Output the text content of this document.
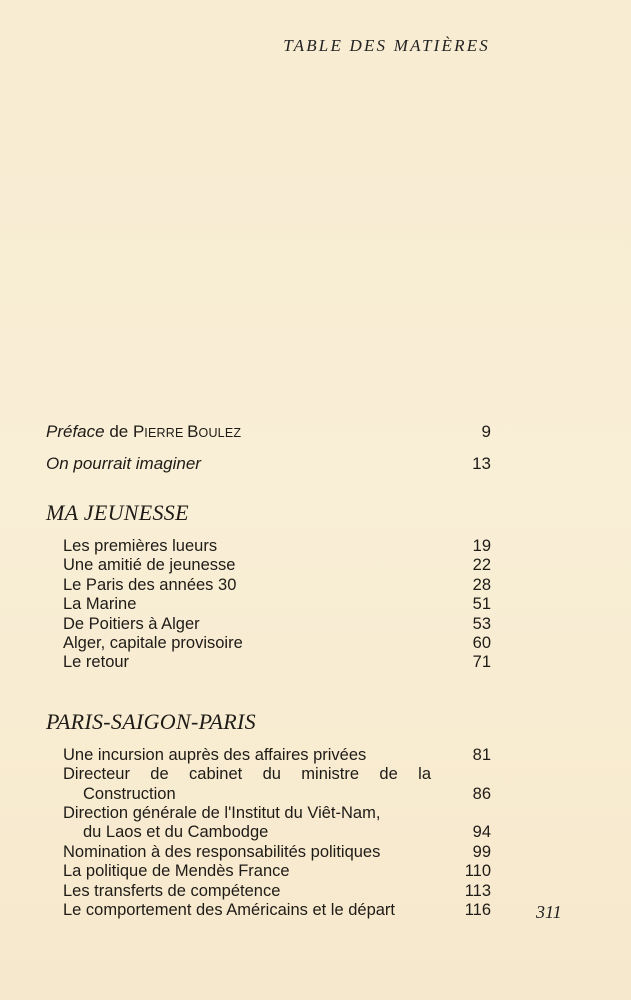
TABLE DES MATIÈRES
Préface de PIERRE BOULEZ	9
On pourrait imaginer	13
MA JEUNESSE
Les premières lueurs	19
Une amitié de jeunesse	22
Le Paris des années 30	28
La Marine	51
De Poitiers à Alger	53
Alger, capitale provisoire	60
Le retour	71
PARIS-SAIGON-PARIS
Une incursion auprès des affaires privées	81
Directeur de cabinet du ministre de la
Construction	86
Direction générale de l'Institut du Viêt-Nam,
du Laos et du Cambodge	94
Nomination à des responsabilités politiques	99
La politique de Mendès France	110
Les transferts de compétence	113
Le comportement des Américains et le départ	116	311
